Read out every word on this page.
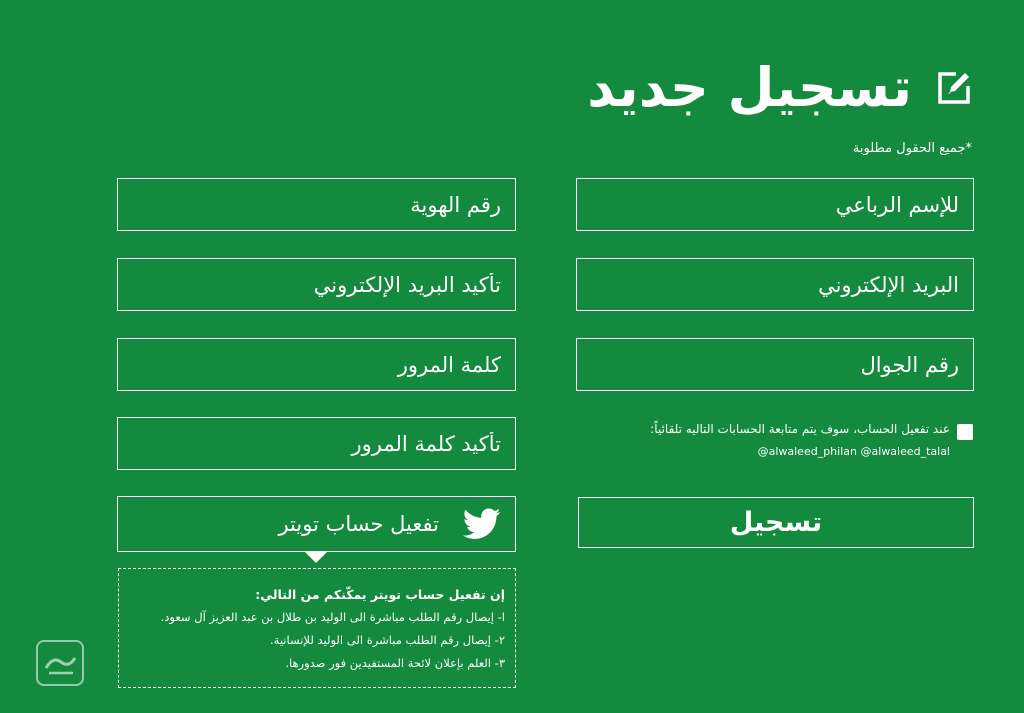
تسجيل جديد
*جميع الحقول مطلوبة
للإسم الرباعي
رقم الهوية
البريد الإلكتروني
تأكيد البريد الإلكتروني
رقم الجوال
كلمة المرور
تأكيد كلمة المرور
عند تفعيل الحساب، سوف يتم متابعة الحسابات التاليه تلقائياً:
@alwaleed_philan @alwaleed_talal
تسجيل
تفعيل حساب تويتر
إن تفعيل حساب تويتر يمكّنكم من التالي:
ا- إيصال رقم الطلب مباشرة الى الوليد بن طلال بن عبد العزيز آل سعود.
٢- إيصال رقم الطلب مباشرة الى الوليد للإنسانية.
٣- العلم بإعلان لائحة المستفيدين فور صدورها.
